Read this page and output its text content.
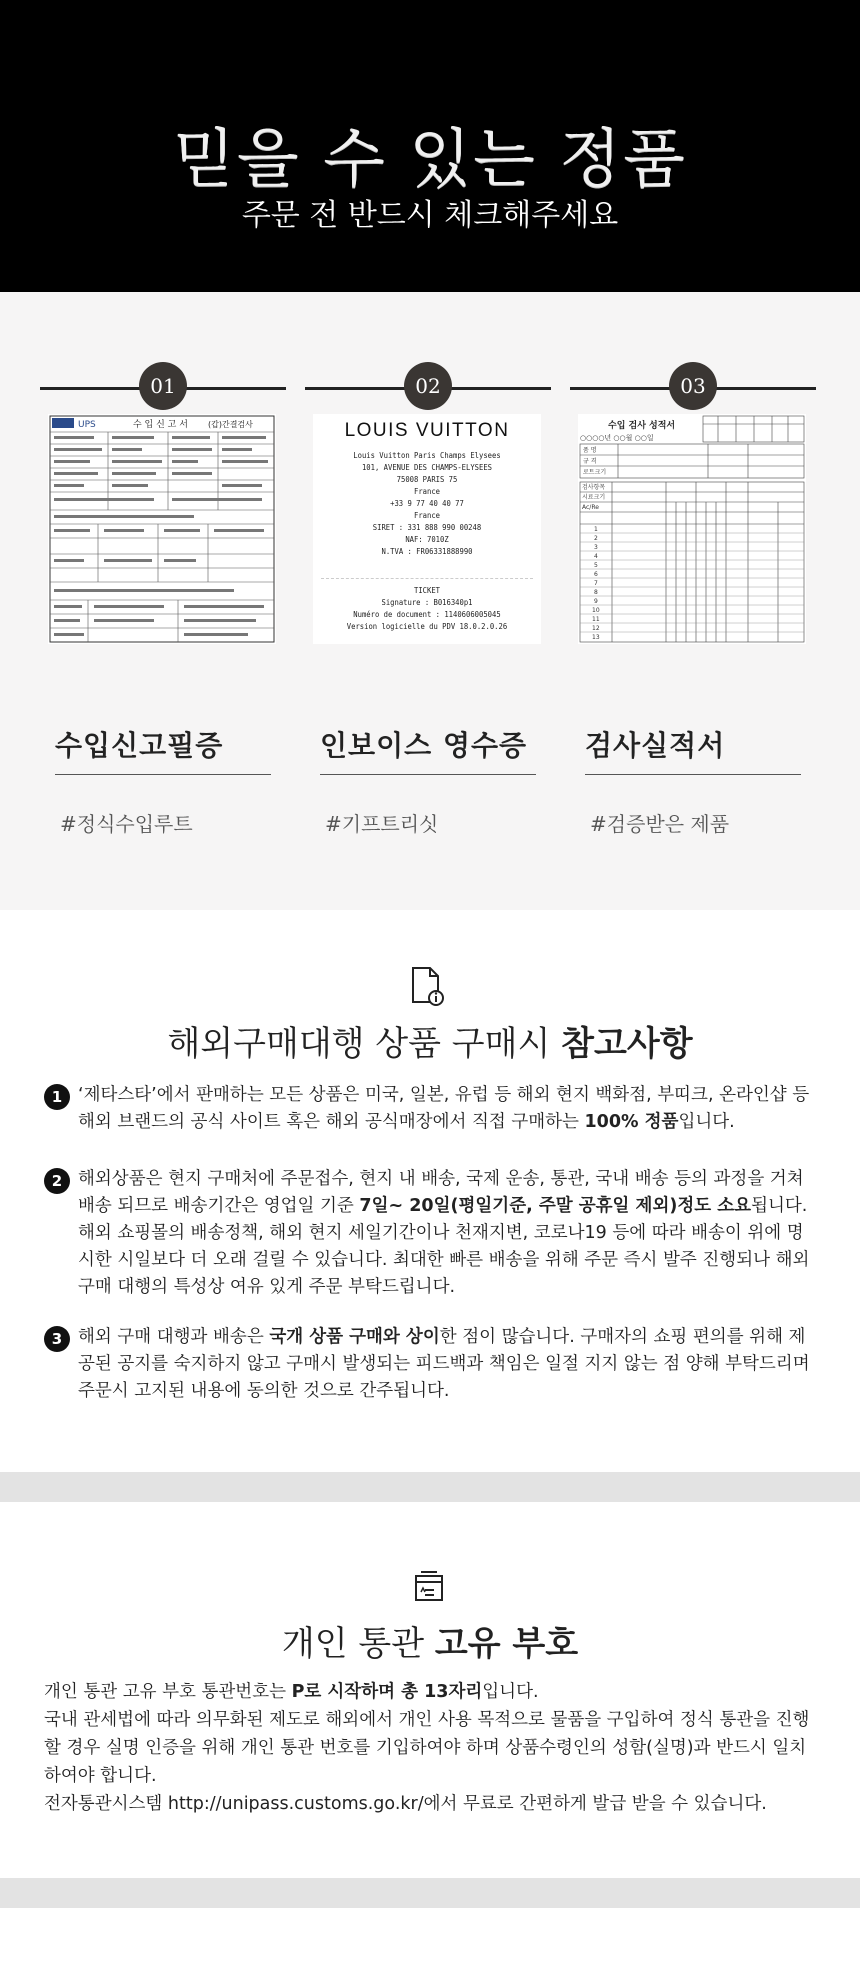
믿을 수 있는 정품
주문 전 반드시 체크해주세요
01
UPS	수 입 신 고 서	(갑)간결검사
수입신고필증
#정식수입루트
02
LOUIS VUITTON
Louis Vuitton Paris Champs Elysees
101, AVENUE DES CHAMPS-ELYSEES
75008 PARIS 75
France
+33 9 77 40 40 77
France
SIRET : 331 888 990 00248
NAF: 7010Z
N.TVA : FR06331888990
TICKET
Signature : B016340p1
Numéro de document : 1140606005045
Version logicielle du PDV 18.0.2.0.26

인보이스 영수증
#기프트리싯
03
수입 검사 성적서
○○○○년 ○○월 ○○일
품 명
규 격
로트크기
검사항목
시료크기
Ac/Re
1
2
3
4
5
6
7
8
9
10
11
12
13
검사실적서
#검증받은 제품
해외구매대행 상품 구매시 참고사항
1 ‘제타스타’에서 판매하는 모든 상품은 미국, 일본, 유럽 등 해외 현지 백화점, 부띠크, 온라인샵 등 해외 브랜드의 공식 사이트 혹은 해외 공식매장에서 직접 구매하는 100% 정품입니다.
2 해외상품은 현지 구매처에 주문접수, 현지 내 배송, 국제 운송, 통관, 국내 배송 등의 과정을 거쳐 배송 되므로 배송기간은 영업일 기준 7일~ 20일(평일기준, 주말 공휴일 제외)정도 소요됩니다. 해외 쇼핑몰의 배송정책, 해외 현지 세일기간이나 천재지변, 코로나19 등에 따라 배송이 위에 명시한 시일보다 더 오래 걸릴 수 있습니다. 최대한 빠른 배송을 위해 주문 즉시 발주 진행되나 해외 구매 대행의 특성상 여유 있게 주문 부탁드립니다.
3 해외 구매 대행과 배송은 국개 상품 구매와 상이한 점이 많습니다. 구매자의 쇼핑 편의를 위해 제공된 공지를 숙지하지 않고 구매시 발생되는 피드백과 책임은 일절 지지 않는 점 양해 부탁드리며 주문시 고지된 내용에 동의한 것으로 간주됩니다.
개인 통관 고유 부호
개인 통관 고유 부호 통관번호는 P로 시작하며 총 13자리입니다.
국내 관세법에 따라 의무화된 제도로 해외에서 개인 사용 목적으로 물품을 구입하여 정식 통관을 진행 할 경우 실명 인증을 위해 개인 통관 번호를 기입하여야 하며 상품수령인의 성함(실명)과 반드시 일치하여야 합니다.
전자통관시스템 http://unipass.customs.go.kr/에서 무료로 간편하게 발급 받을 수 있습니다.
